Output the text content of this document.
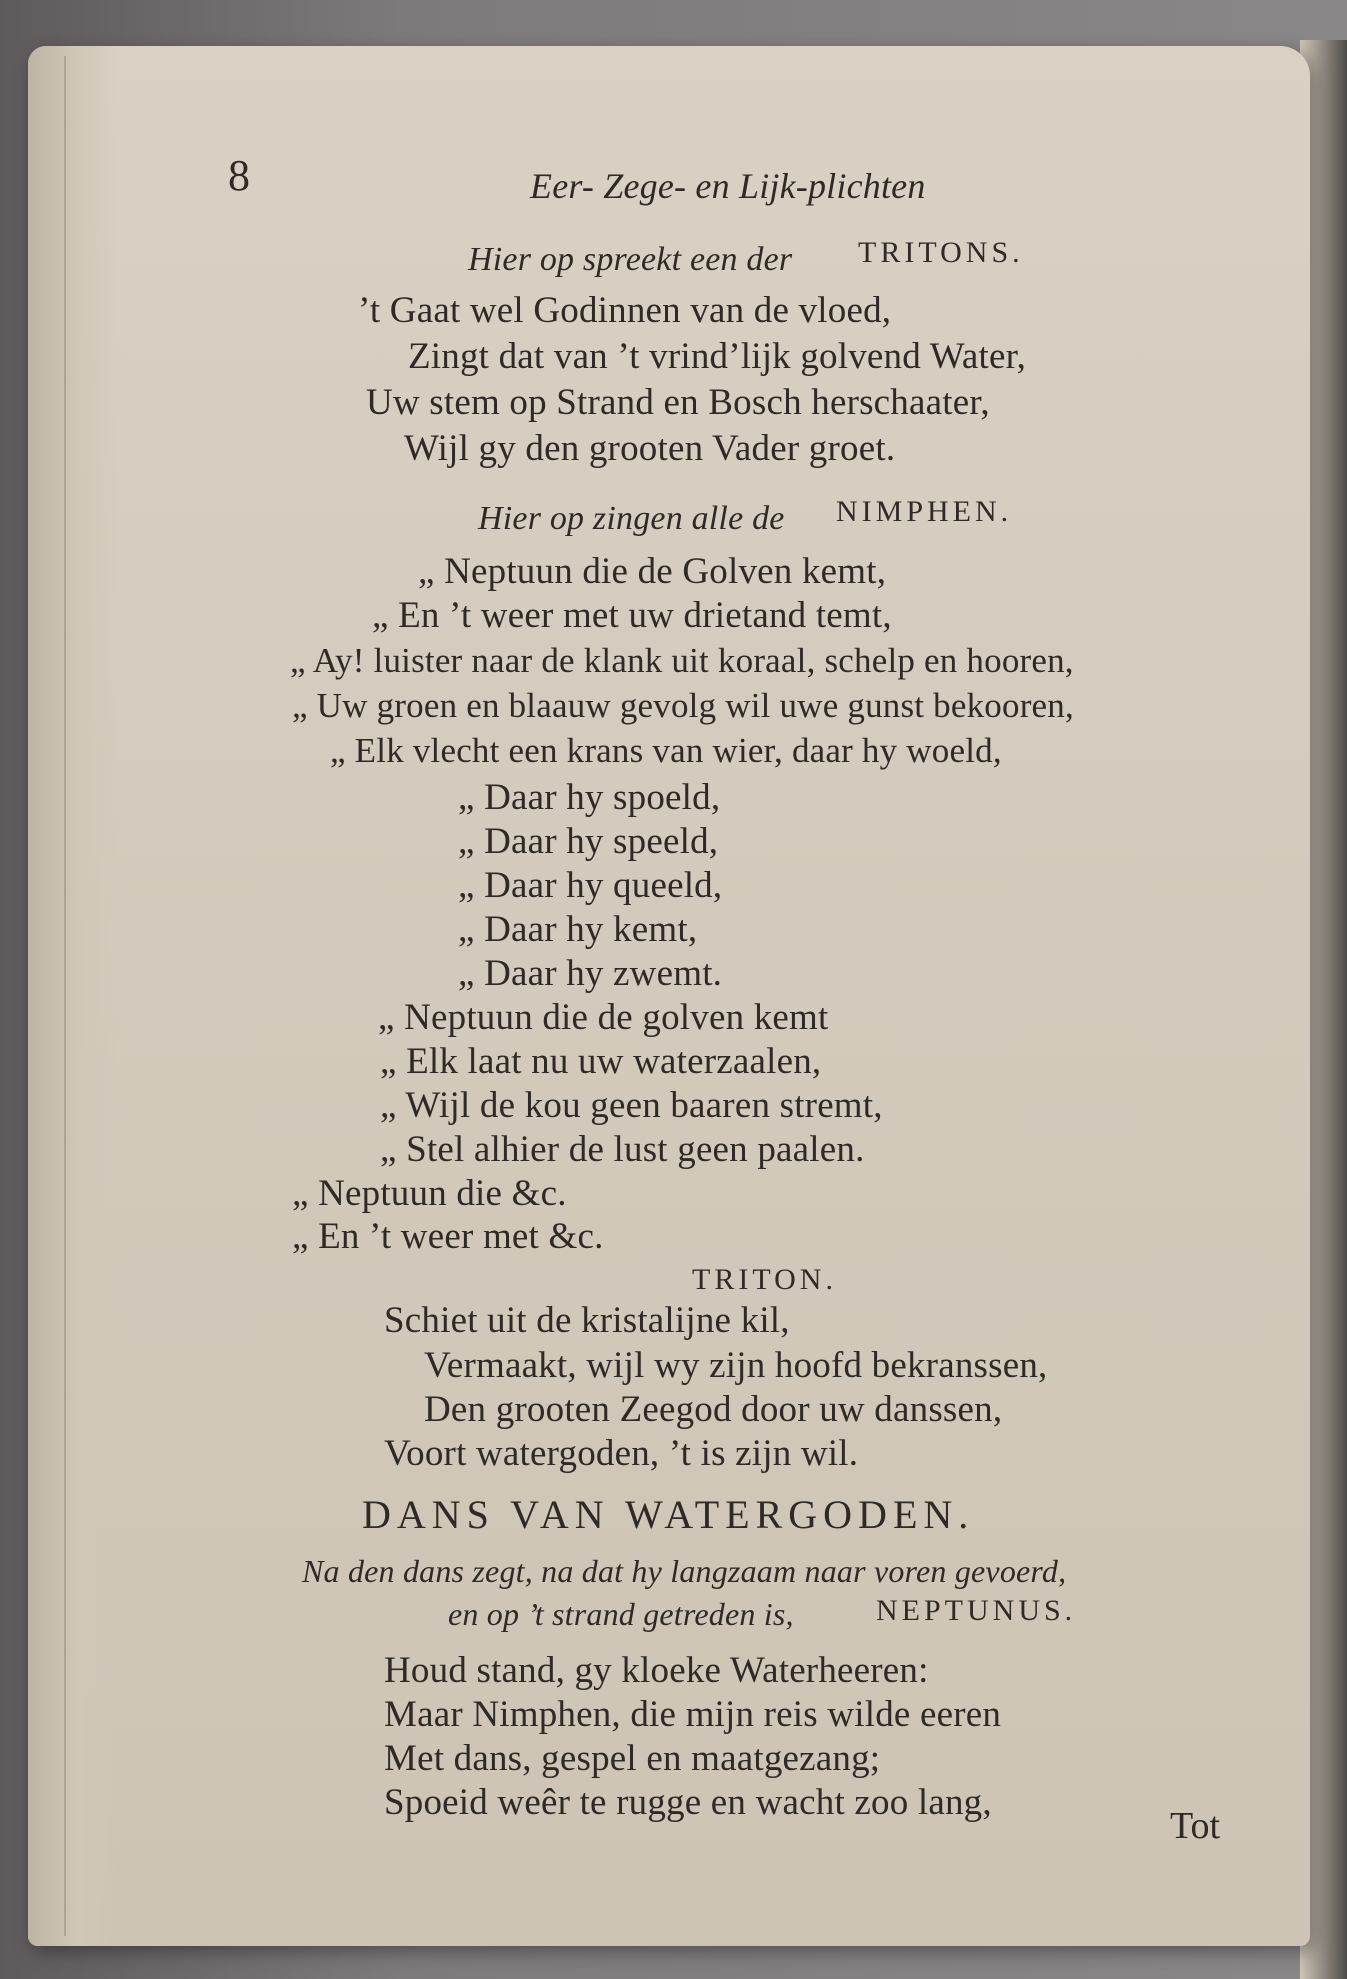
8	Eer- Zege- en Lijk-plichten
Hier op spreekt een der TRITONS.
’t Gaat wel Godinnen van de vloed,
Zingt dat van ’t vrind’lijk golvend Water,
Uw stem op Strand en Bosch herschaater,
Wijl gy den grooten Vader groet.
Hier op zingen alle de NIMPHEN.
„ Neptuun die de Golven kemt,
„ En ’t weer met uw drietand temt,
„ Ay! luister naar de klank uit koraal, schelp en hooren,
„ Uw groen en blaauw gevolg wil uwe gunst bekooren,
„ Elk vlecht een krans van wier, daar hy woeld,
„ Daar hy spoeld,
„ Daar hy speeld,
„ Daar hy queeld,
„ Daar hy kemt,
„ Daar hy zwemt.
„ Neptuun die de golven kemt
„ Elk laat nu uw waterzaalen,
„ Wijl de kou geen baaren stremt,
„ Stel alhier de lust geen paalen.
„ Neptuun die &c.
„ En ’t weer met &c.
TRITON.
Schiet uit de kristalijne kil,
Vermaakt, wijl wy zijn hoofd bekranssen,
Den grooten Zeegod door uw danssen,
Voort watergoden, ’t is zijn wil.
DANS VAN WATERGODEN.
Na den dans zegt, na dat hy langzaam naar voren gevoerd,
en op ’t strand getreden is,	NEPTUNUS.
Houd stand, gy kloeke Waterheeren:
Maar Nimphen, die mijn reis wilde eeren
Met dans, gespel en maatgezang;
Spoeid weêr te rugge en wacht zoo lang,
Tot
